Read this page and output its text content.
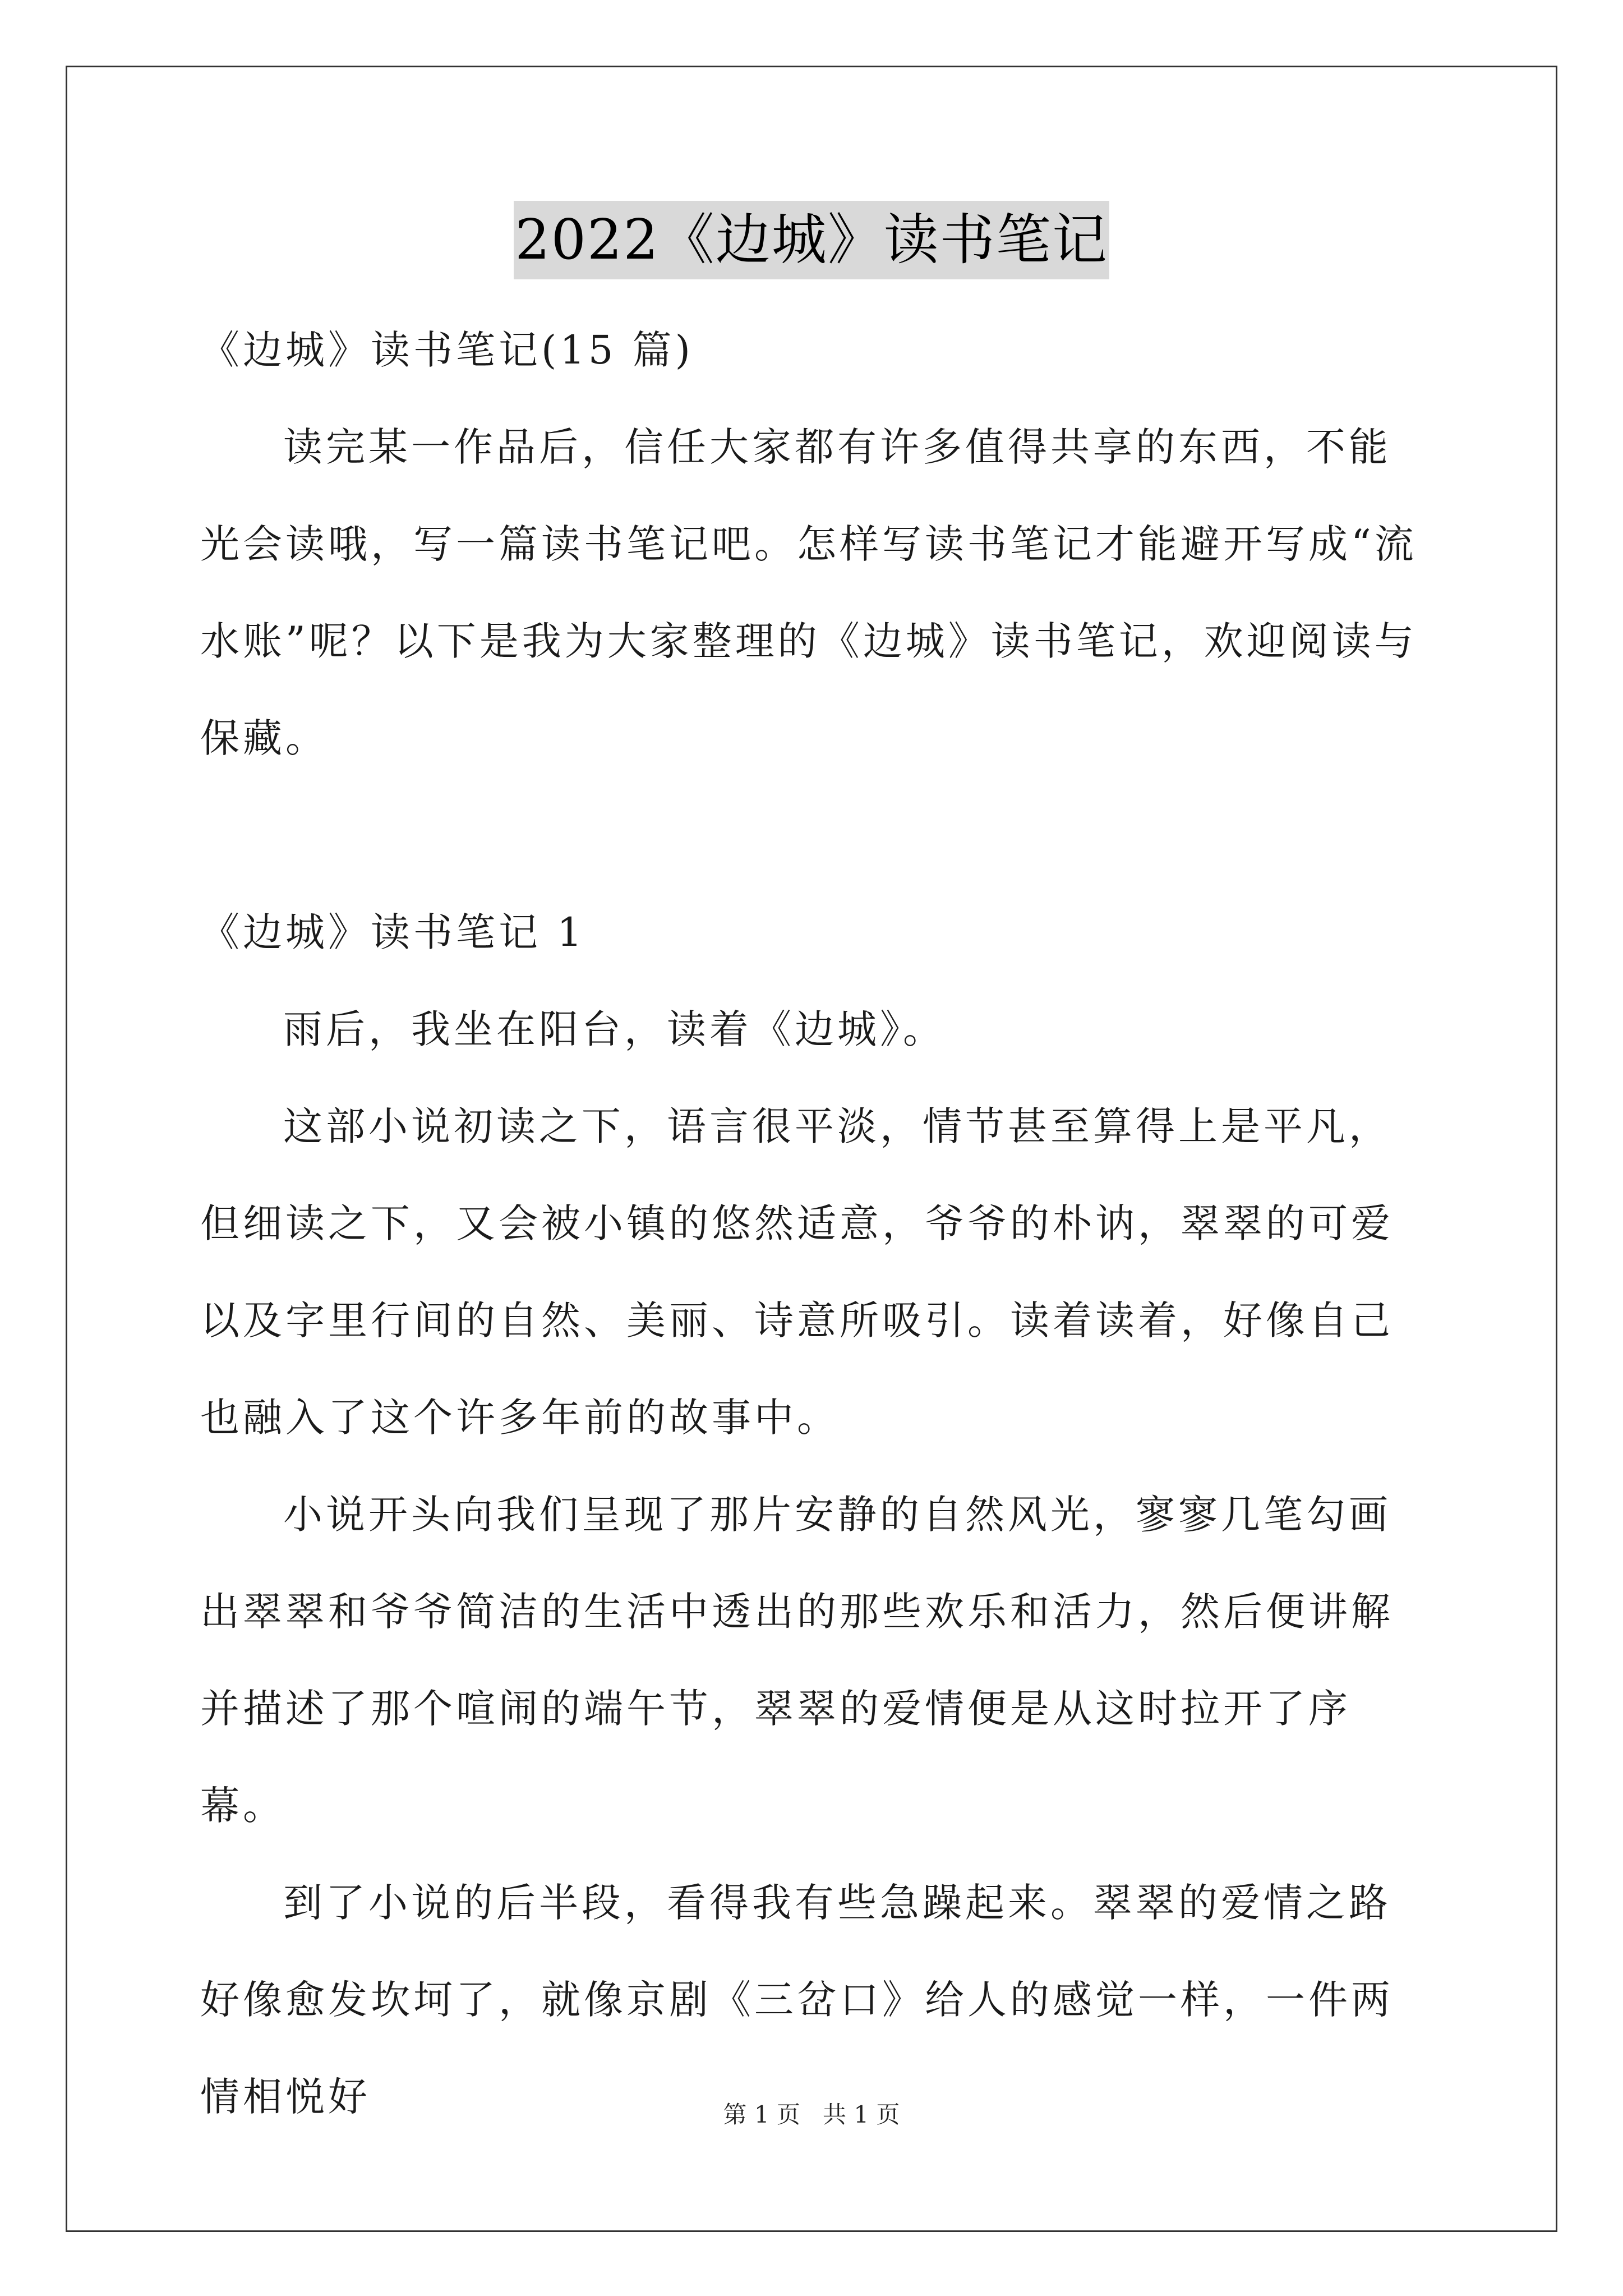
2022《边城》读书笔记

《边城》读书笔记(15 篇)

读完某一作品后，信任大家都有许多值得共享的东西，不能光会读哦，写一篇读书笔记吧。怎样写读书笔记才能避开写成“流水账”呢？以下是我为大家整理的《边城》读书笔记，欢迎阅读与保藏。

《边城》读书笔记 1

雨后，我坐在阳台，读着《边城》。

这部小说初读之下，语言很平淡，情节甚至算得上是平凡，但细读之下，又会被小镇的悠然适意，爷爷的朴讷，翠翠的可爱以及字里行间的自然、美丽、诗意所吸引。读着读着，好像自己也融入了这个许多年前的故事中。

小说开头向我们呈现了那片安静的自然风光，寥寥几笔勾画出翠翠和爷爷简洁的生活中透出的那些欢乐和活力，然后便讲解并描述了那个喧闹的端午节，翠翠的爱情便是从这时拉开了序幕。

到了小说的后半段，看得我有些急躁起来。翠翠的爱情之路好像愈发坎坷了，就像京剧《三岔口》给人的感觉一样，一件两情相悦好	第 1 页   共 1 页
